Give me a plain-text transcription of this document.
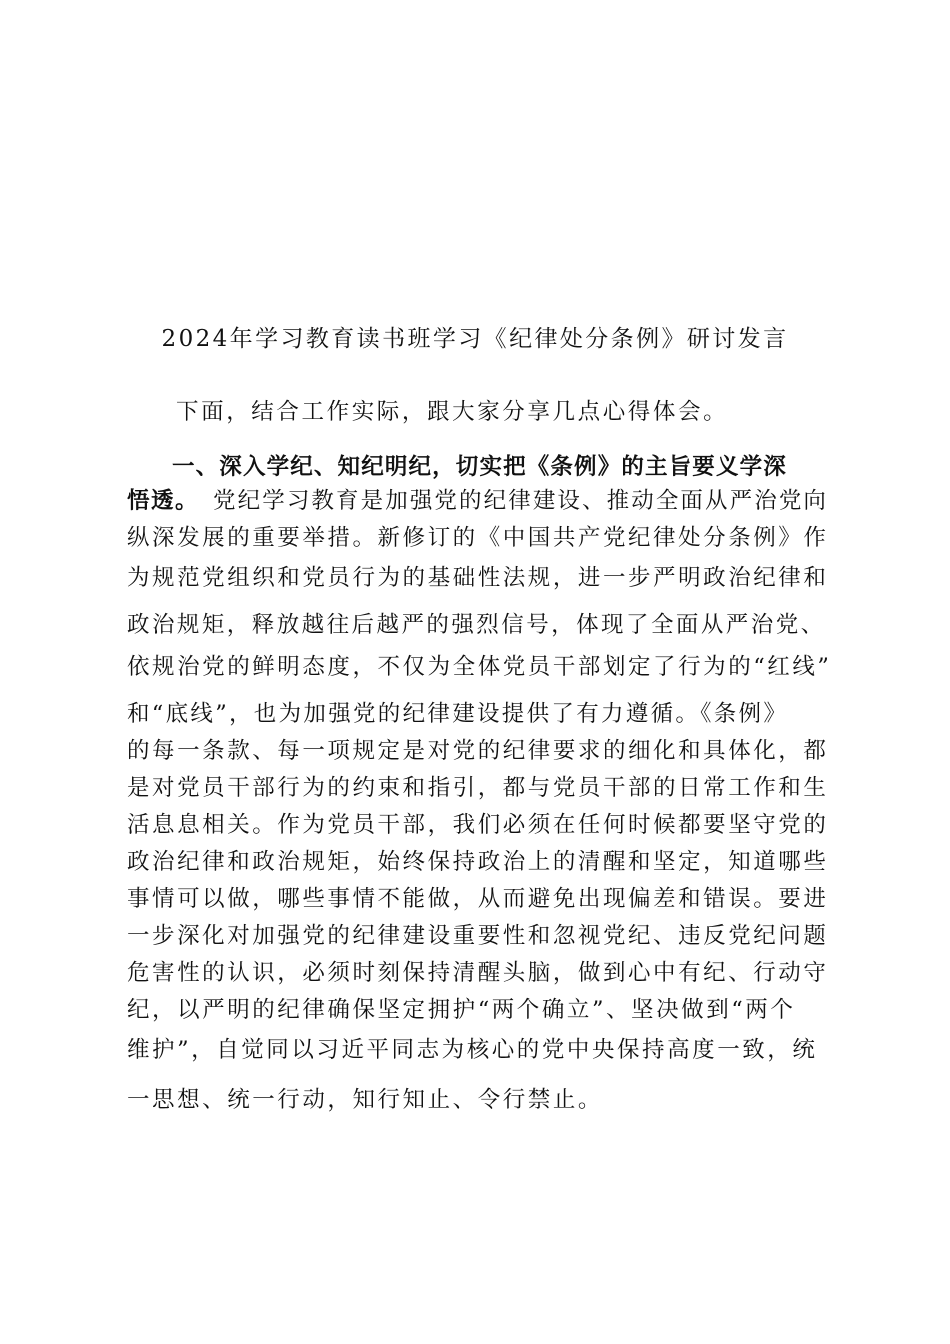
2024年学习教育读书班学习《纪律处分条例》研讨发言
下面，结合工作实际，跟大家分享几点心得体会。
一、深入学纪、知纪明纪，切实把《条例》的主旨要义学深
悟透。 党纪学习教育是加强党的纪律建设、推动全面从严治党向
纵深发展的重要举措。新修订的《中国共产党纪律处分条例》作
为规范党组织和党员行为的基础性法规，进一步严明政治纪律和
政治规矩，释放越往后越严的强烈信号，体现了全面从严治党、
依规治党的鲜明态度，不仅为全体党员干部划定了行为的“红线”
和“底线”，也为加强党的纪律建设提供了有力遵循。《条例》
的每一条款、每一项规定是对党的纪律要求的细化和具体化，都
是对党员干部行为的约束和指引，都与党员干部的日常工作和生
活息息相关。作为党员干部，我们必须在任何时候都要坚守党的
政治纪律和政治规矩，始终保持政治上的清醒和坚定，知道哪些
事情可以做，哪些事情不能做，从而避免出现偏差和错误。要进
一步深化对加强党的纪律建设重要性和忽视党纪、违反党纪问题
危害性的认识，必须时刻保持清醒头脑，做到心中有纪、行动守
纪，以严明的纪律确保坚定拥护“两个确立”、坚决做到“两个
维护”，自觉同以习近平同志为核心的党中央保持高度一致，统
一思想、统一行动，知行知止、令行禁止。
